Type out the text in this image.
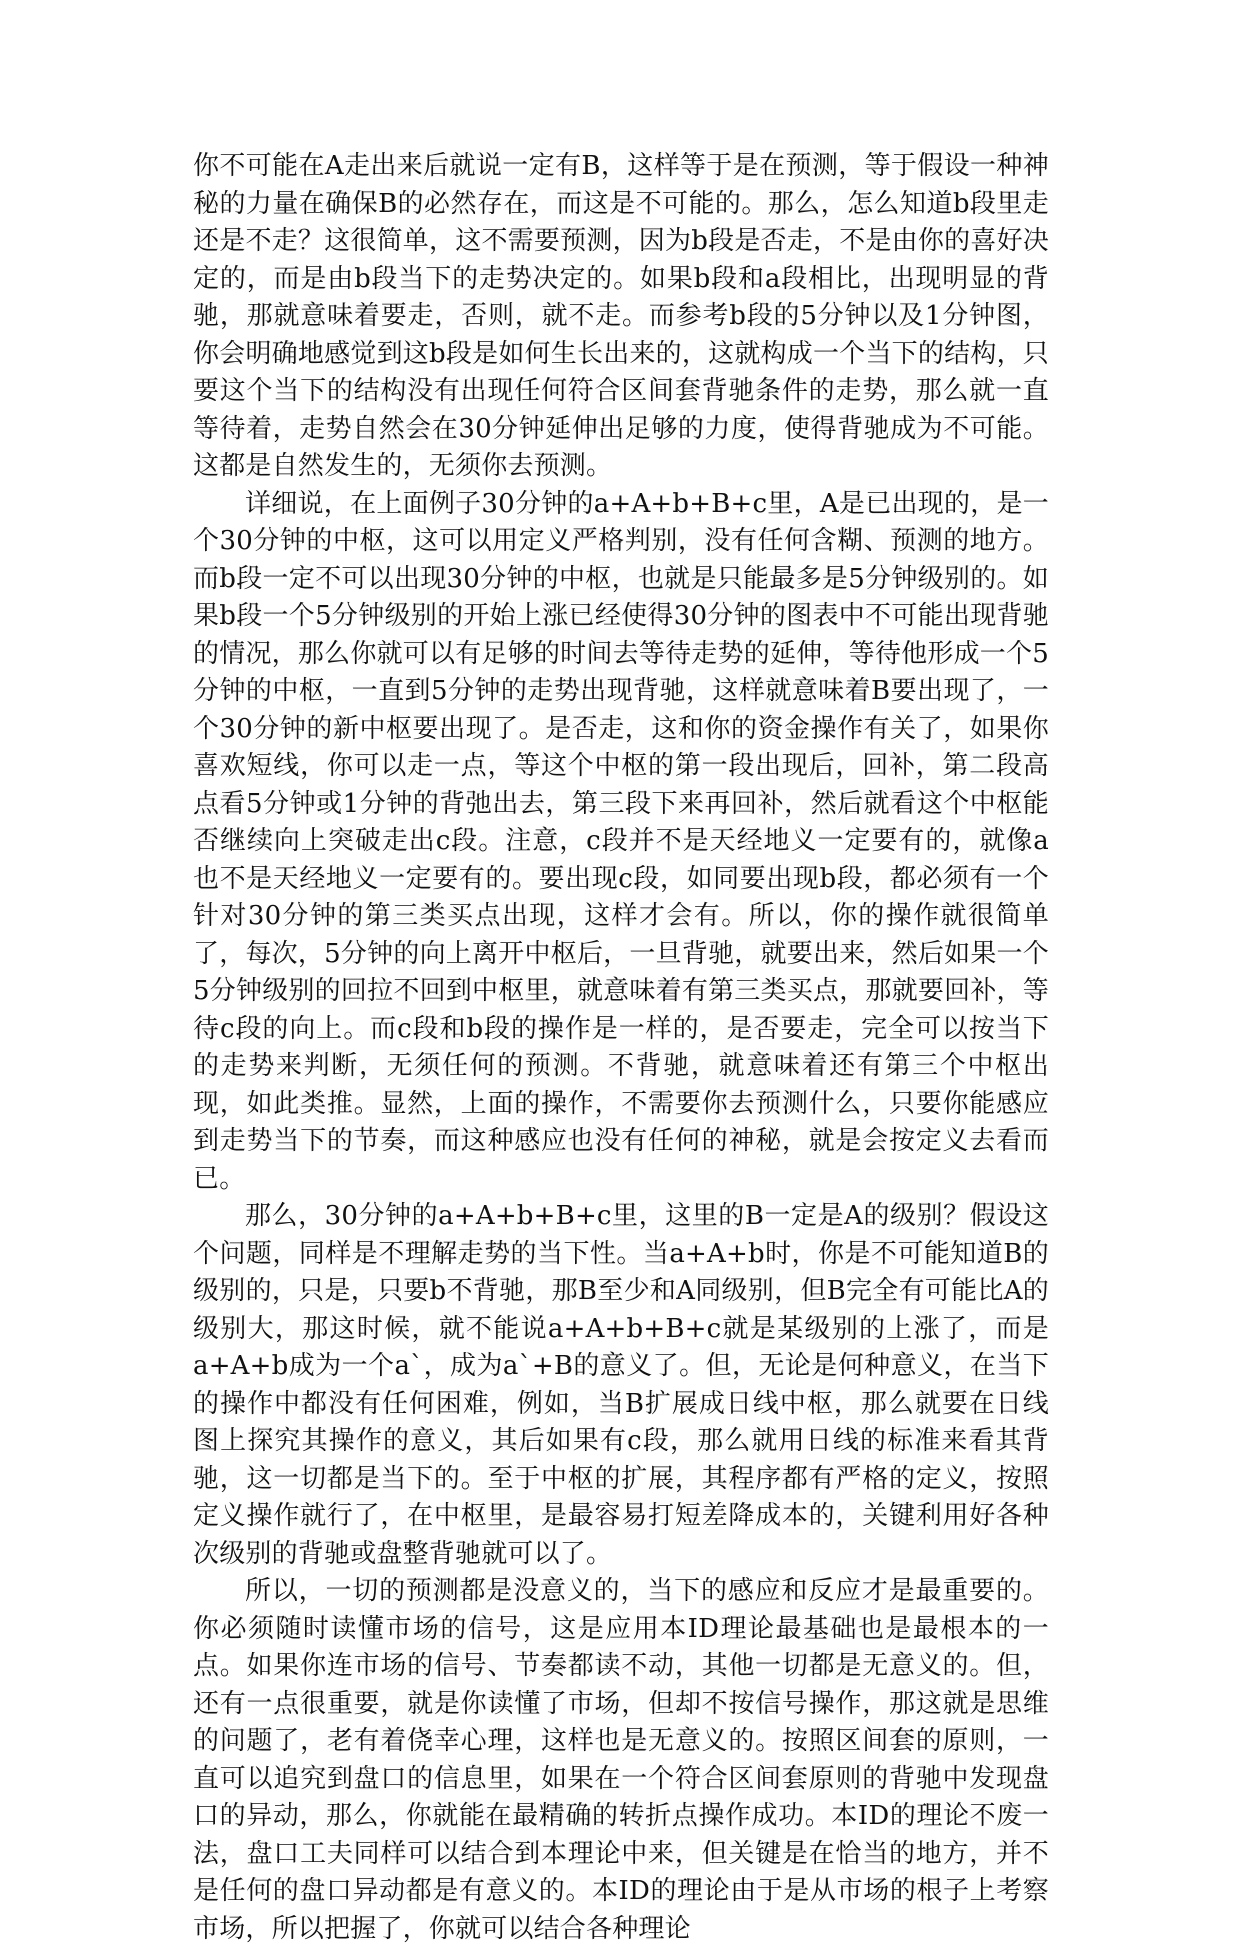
你不可能在A走出来后就说一定有B，这样等于是在预测，等于假设一种神秘的力量在确保B的必然存在，而这是不可能的。那么，怎么知道b段里走还是不走？这很简单，这不需要预测，因为b段是否走，不是由你的喜好决定的，而是由b段当下的走势决定的。如果b段和a段相比，出现明显的背驰，那就意味着要走，否则，就不走。而参考b段的5分钟以及1分钟图，你会明确地感觉到这b段是如何生长出来的，这就构成一个当下的结构，只要这个当下的结构没有出现任何符合区间套背驰条件的走势，那么就一直等待着，走势自然会在30分钟延伸出足够的力度，使得背驰成为不可能。这都是自然发生的，无须你去预测。

详细说，在上面例子30分钟的a+A+b+B+c里，A是已出现的，是一个30分钟的中枢，这可以用定义严格判别，没有任何含糊、预测的地方。而b段一定不可以出现30分钟的中枢，也就是只能最多是5分钟级别的。如果b段一个5分钟级别的开始上涨已经使得30分钟的图表中不可能出现背驰的情况，那么你就可以有足够的时间去等待走势的延伸，等待他形成一个5分钟的中枢，一直到5分钟的走势出现背驰，这样就意味着B要出现了，一个30分钟的新中枢要出现了。是否走，这和你的资金操作有关了，如果你喜欢短线，你可以走一点，等这个中枢的第一段出现后，回补，第二段高点看5分钟或1分钟的背弛出去，第三段下来再回补，然后就看这个中枢能否继续向上突破走出c段。注意，c段并不是天经地义一定要有的，就像a也不是天经地义一定要有的。要出现c段，如同要出现b段，都必须有一个针对30分钟的第三类买点出现，这样才会有。所以，你的操作就很简单了，每次，5分钟的向上离开中枢后，一旦背驰，就要出来，然后如果一个5分钟级别的回拉不回到中枢里，就意味着有第三类买点，那就要回补，等待c段的向上。而c段和b段的操作是一样的，是否要走，完全可以按当下的走势来判断，无须任何的预测。不背驰，就意味着还有第三个中枢出现，如此类推。显然，上面的操作，不需要你去预测什么，只要你能感应到走势当下的节奏，而这种感应也没有任何的神秘，就是会按定义去看而已。

那么，30分钟的a+A+b+B+c里，这里的B一定是A的级别？假设这个问题，同样是不理解走势的当下性。当a+A+b时，你是不可能知道B的级别的，只是，只要b不背驰，那B至少和A同级别，但B完全有可能比A的级别大，那这时候，就不能说a+A+b+B+c就是某级别的上涨了，而是a+A+b成为一个a`，成为a`+B的意义了。但，无论是何种意义，在当下的操作中都没有任何困难，例如，当B扩展成日线中枢，那么就要在日线图上探究其操作的意义，其后如果有c段，那么就用日线的标准来看其背驰，这一切都是当下的。至于中枢的扩展，其程序都有严格的定义，按照定义操作就行了，在中枢里，是最容易打短差降成本的，关键利用好各种次级别的背驰或盘整背驰就可以了。

所以，一切的预测都是没意义的，当下的感应和反应才是最重要的。你必须随时读懂市场的信号，这是应用本ID理论最基础也是最根本的一点。如果你连市场的信号、节奏都读不动，其他一切都是无意义的。但，还有一点很重要，就是你读懂了市场，但却不按信号操作，那这就是思维的问题了，老有着侥幸心理，这样也是无意义的。按照区间套的原则，一直可以追究到盘口的信息里，如果在一个符合区间套原则的背驰中发现盘口的异动，那么，你就能在最精确的转折点操作成功。本ID的理论不废一法，盘口工夫同样可以结合到本理论中来，但关键是在恰当的地方，并不是任何的盘口异动都是有意义的。本ID的理论由于是从市场的根子上考察市场，所以把握了，你就可以结合各种理论
